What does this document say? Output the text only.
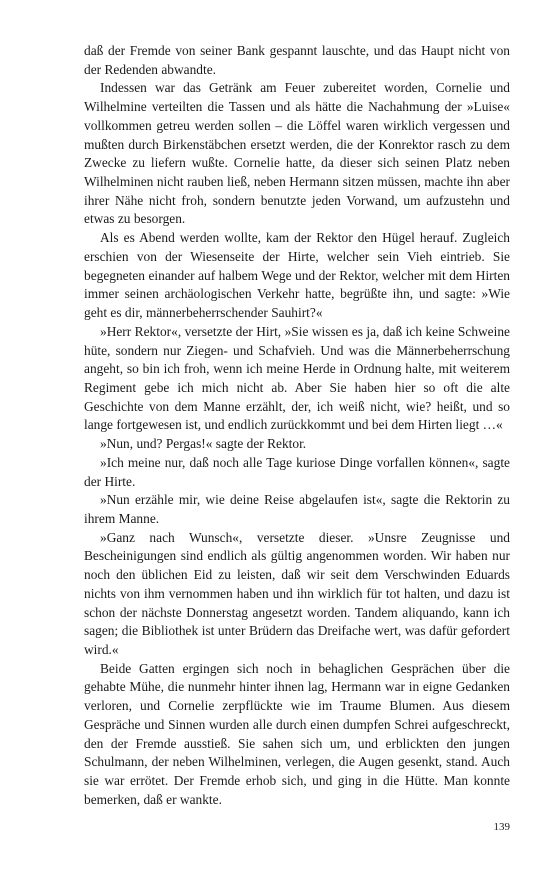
daß der Fremde von seiner Bank gespannt lauschte, und das Haupt nicht von der Redenden abwandte.

Indessen war das Getränk am Feuer zubereitet worden, Cornelie und Wilhelmine verteilten die Tassen und als hätte die Nachahmung der »Luise« vollkommen getreu werden sollen – die Löffel waren wirklich vergessen und mußten durch Birkenstäbchen ersetzt werden, die der Konrektor rasch zu dem Zwecke zu liefern wußte. Cornelie hatte, da dieser sich seinen Platz neben Wilhelminen nicht rauben ließ, neben Hermann sitzen müssen, machte ihn aber ihrer Nähe nicht froh, sondern benutzte jeden Vorwand, um aufzustehn und etwas zu besorgen.

Als es Abend werden wollte, kam der Rektor den Hügel herauf. Zugleich erschien von der Wiesenseite der Hirte, welcher sein Vieh eintrieb. Sie begegneten einander auf halbem Wege und der Rektor, welcher mit dem Hirten immer seinen archäologischen Verkehr hatte, begrüßte ihn, und sagte: »Wie geht es dir, männerbeherrschender Sauhirt?«

»Herr Rektor«, versetzte der Hirt, »Sie wissen es ja, daß ich keine Schweine hüte, sondern nur Ziegen- und Schafvieh. Und was die Männerbeherrschung angeht, so bin ich froh, wenn ich meine Herde in Ordnung halte, mit weiterem Regiment gebe ich mich nicht ab. Aber Sie haben hier so oft die alte Geschichte von dem Manne erzählt, der, ich weiß nicht, wie? heißt, und so lange fortgewesen ist, und endlich zurückkommt und bei dem Hirten liegt …«

»Nun, und? Pergas!« sagte der Rektor.

»Ich meine nur, daß noch alle Tage kuriose Dinge vorfallen können«, sagte der Hirte.

»Nun erzähle mir, wie deine Reise abgelaufen ist«, sagte die Rektorin zu ihrem Manne.

»Ganz nach Wunsch«, versetzte dieser. »Unsre Zeugnisse und Bescheinigungen sind endlich als gültig angenommen worden. Wir haben nur noch den üblichen Eid zu leisten, daß wir seit dem Verschwinden Eduards nichts von ihm vernommen haben und ihn wirklich für tot halten, und dazu ist schon der nächste Donnerstag angesetzt worden. Tandem aliquando, kann ich sagen; die Bibliothek ist unter Brüdern das Dreifache wert, was dafür gefordert wird.«

Beide Gatten ergingen sich noch in behaglichen Gesprächen über die gehabte Mühe, die nunmehr hinter ihnen lag, Hermann war in eigne Gedanken verloren, und Cornelie zerpflückte wie im Traume Blumen. Aus diesem Gespräche und Sinnen wurden alle durch einen dumpfen Schrei aufgeschreckt, den der Fremde ausstieß. Sie sahen sich um, und erblickten den jungen Schulmann, der neben Wilhelminen, verlegen, die Augen gesenkt, stand. Auch sie war errötet. Der Fremde erhob sich, und ging in die Hütte. Man konnte bemerken, daß er wankte.

139
